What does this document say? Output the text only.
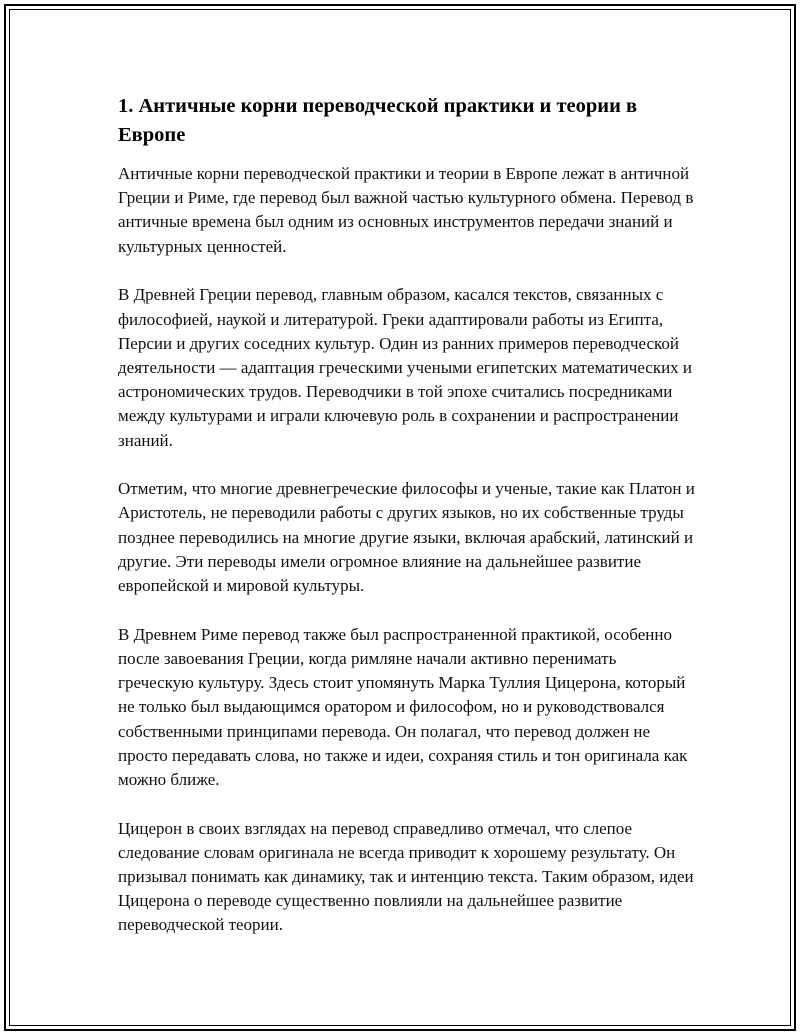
1. Античные корни переводческой практики и теории в Европе

Античные корни переводческой практики и теории в Европе лежат в античной Греции и Риме, где перевод был важной частью культурного обмена. Перевод в античные времена был одним из основных инструментов передачи знаний и культурных ценностей.

В Древней Греции перевод, главным образом, касался текстов, связанных с философией, наукой и литературой. Греки адаптировали работы из Египта, Персии и других соседних культур. Один из ранних примеров переводческой деятельности — адаптация греческими учеными египетских математических и астрономических трудов. Переводчики в той эпохе считались посредниками между культурами и играли ключевую роль в сохранении и распространении знаний.

Отметим, что многие древнегреческие философы и ученые, такие как Платон и Аристотель, не переводили работы с других языков, но их собственные труды позднее переводились на многие другие языки, включая арабский, латинский и другие. Эти переводы имели огромное влияние на дальнейшее развитие европейской и мировой культуры.

В Древнем Риме перевод также был распространенной практикой, особенно после завоевания Греции, когда римляне начали активно перенимать греческую культуру. Здесь стоит упомянуть Марка Туллия Цицерона, который не только был выдающимся оратором и философом, но и руководствовался собственными принципами перевода. Он полагал, что перевод должен не просто передавать слова, но также и идеи, сохраняя стиль и тон оригинала как можно ближе.

Цицерон в своих взглядах на перевод справедливо отмечал, что слепое следование словам оригинала не всегда приводит к хорошему результату. Он призывал понимать как динамику, так и интенцию текста. Таким образом, идеи Цицерона о переводе существенно повлияли на дальнейшее развитие переводческой теории.
